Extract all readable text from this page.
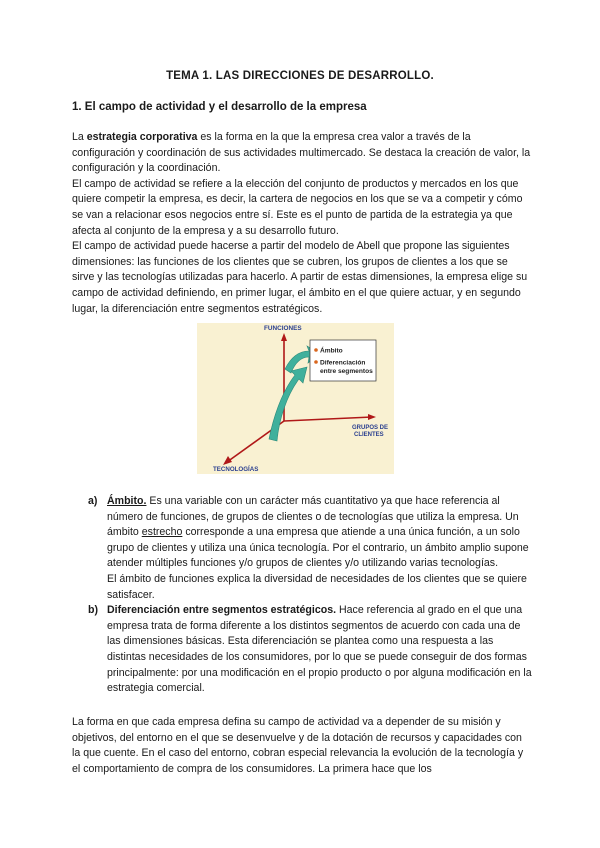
TEMA 1. LAS DIRECCIONES DE DESARROLLO.
1. El campo de actividad y el desarrollo de la empresa

La estrategia corporativa es la forma en la que la empresa crea valor a través de la configuración y coordinación de sus actividades multimercado. Se destaca la creación de valor, la configuración y la coordinación.

El campo de actividad se refiere a la elección del conjunto de productos y mercados en los que quiere competir la empresa, es decir, la cartera de negocios en los que se va a competir y cómo se van a relacionar esos negocios entre sí. Este es el punto de partida de la estrategia ya que afecta al conjunto de la empresa y a su desarrollo futuro.

El campo de actividad puede hacerse a partir del modelo de Abell que propone las siguientes dimensiones: las funciones de los clientes que se cubren, los grupos de clientes a los que se sirve y las tecnologías utilizadas para hacerlo. A partir de estas dimensiones, la empresa elige su campo de actividad definiendo, en primer lugar, el ámbito en el que quiere actuar, y en segundo lugar, la diferenciación entre segmentos estratégicos.

Ámbito
Diferenciación
entre segmentos
FUNCIONES
GRUPOS DE
CLIENTES
TECNOLOGÍAS
a) Ámbito. Es una variable con un carácter más cuantitativo ya que hace referencia al número de funciones, de grupos de clientes o de tecnologías que utiliza la empresa. Un ámbito estrecho corresponde a una empresa que atiende a una única función, a un solo grupo de clientes y utiliza una única tecnología. Por el contrario, un ámbito amplio supone atender múltiples funciones y/o grupos de clientes y/o utilizando varias tecnologías.

El ámbito de funciones explica la diversidad de necesidades de los clientes que se quiere satisfacer.

b) Diferenciación entre segmentos estratégicos. Hace referencia al grado en el que una empresa trata de forma diferente a los distintos segmentos de acuerdo con cada una de las dimensiones básicas. Esta diferenciación se plantea como una respuesta a las distintas necesidades de los consumidores, por lo que se puede conseguir de dos formas principalmente: por una modificación en el propio producto o por alguna modificación en la estrategia comercial.

La forma en que cada empresa defina su campo de actividad va a depender de su misión y objetivos, del entorno en el que se desenvuelve y de la dotación de recursos y capacidades con la que cuente. En el caso del entorno, cobran especial relevancia la evolución de la tecnología y el comportamiento de compra de los consumidores. La primera hace que los
